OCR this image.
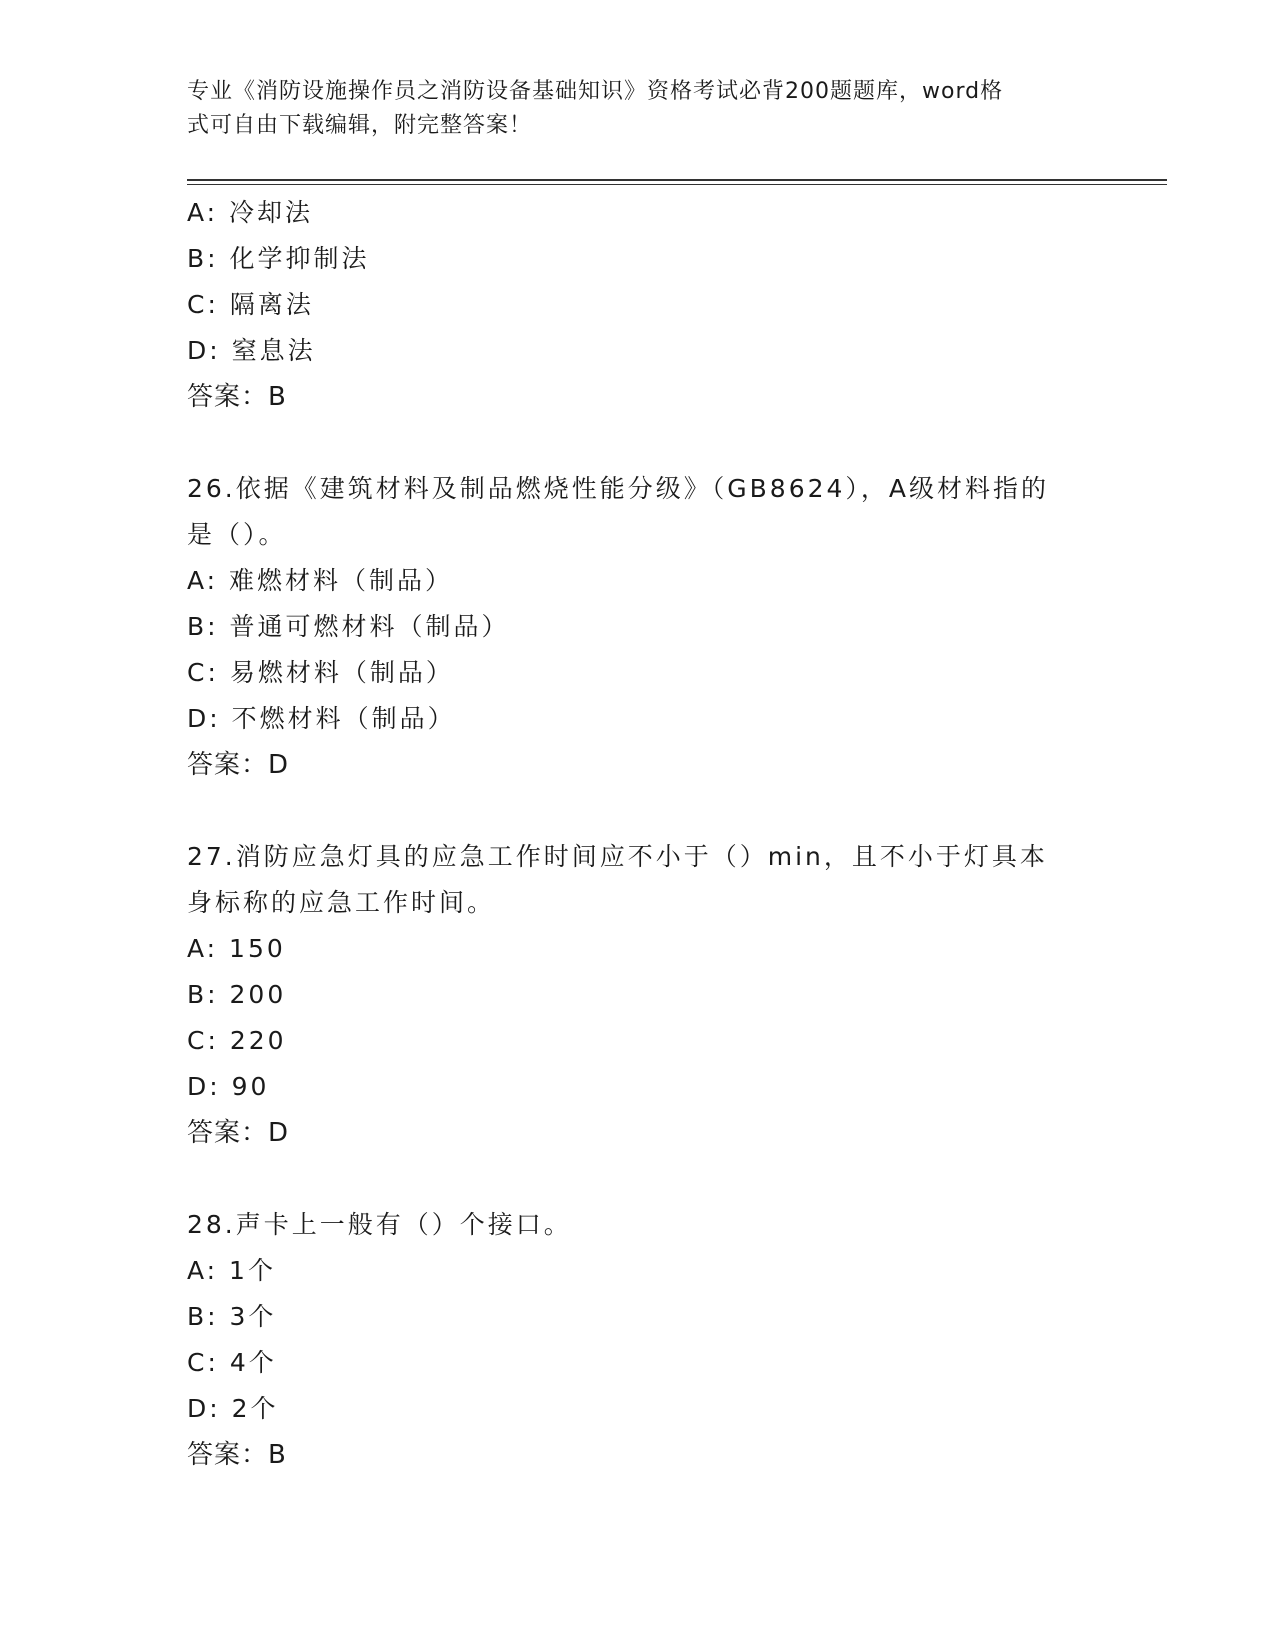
专业《消防设施操作员之消防设备基础知识》资格考试必背200题题库，word格
式可自由下载编辑，附完整答案！
A: 冷却法
B: 化学抑制法
C: 隔离法
D: 窒息法
答案：B
26.依据《建筑材料及制品燃烧性能分级》（GB8624），A级材料指的
是（）。
A: 难燃材料（制品）
B: 普通可燃材料（制品）
C: 易燃材料（制品）
D: 不燃材料（制品）
答案：D
27.消防应急灯具的应急工作时间应不小于（）min，且不小于灯具本
身标称的应急工作时间。
A: 150
B: 200
C: 220
D: 90
答案：D
28.声卡上一般有（）个接口。
A: 1个
B: 3个
C: 4个
D: 2个
答案：B
